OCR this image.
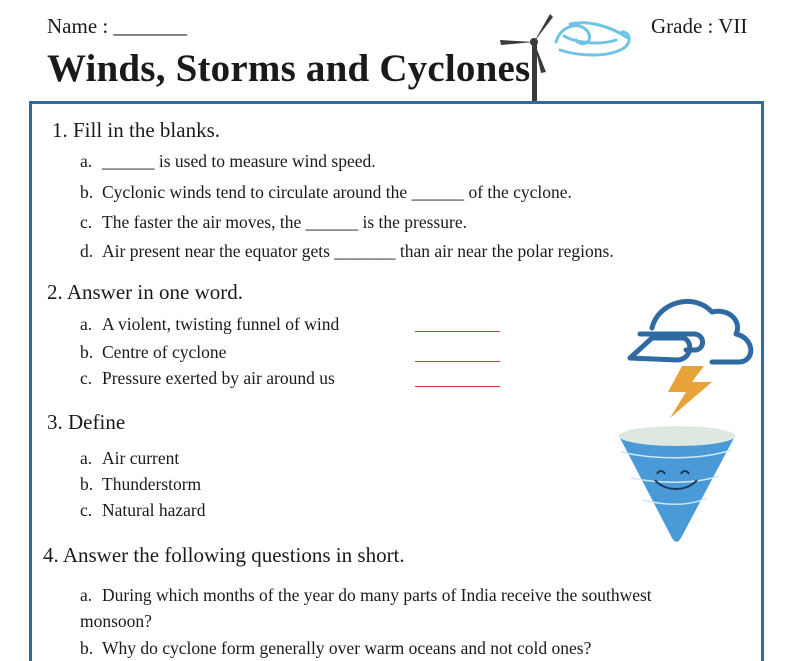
Name : _______	Grade : VII
Winds, Storms and Cyclones
1. Fill in the blanks.
a. ______ is used to measure wind speed.
b. Cyclonic winds tend to circulate around the ______ of the cyclone.
c. The faster the air moves, the ______ is the pressure.
d. Air present near the equator gets _______ than air near the polar regions.
2. Answer in one word.
a. A violent, twisting funnel of wind
b. Centre of cyclone
c. Pressure exerted by air around us
3. Define
a. Air current
b. Thunderstorm
c. Natural hazard
4. Answer the following questions in short.
a. During which months of the year do many parts of India receive the southwest
monsoon?
b. Why do cyclone form generally over warm oceans and not cold ones?
